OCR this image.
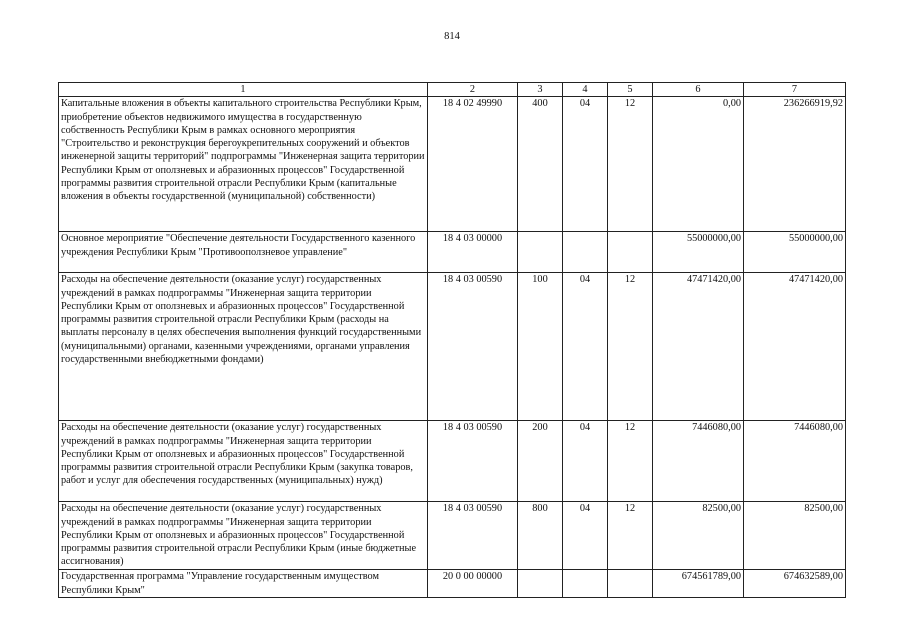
814
1	2	3	4	5	6	7
Капитальные вложения в объекты капитального строительства Республики Крым, приобретение объектов недвижимого имущества в государственную собственность Республики Крым в рамках основного мероприятия "Строительство и реконструкция берегоукрепительных сооружений и объектов инженерной защиты территорий" подпрограммы "Инженерная защита территории Республики Крым от оползневых и абразионных процессов" Государственной программы развития строительной отрасли Республики Крым (капитальные вложения в объекты государственной (муниципальной) собственности)	18 4 02 49990	400	04	12	0,00	236266919,92
Основное мероприятие "Обеспечение деятельности Государственного казенного учреждения Республики Крым "Противооползневое управление"	18 4 03 00000				55000000,00	55000000,00
Расходы на обеспечение деятельности (оказание услуг) государственных учреждений в рамках подпрограммы "Инженерная защита территории Республики Крым от оползневых и абразионных процессов" Государственной программы развития строительной отрасли Республики Крым (расходы на выплаты персоналу в целях обеспечения выполнения функций государственными (муниципальными) органами, казенными учреждениями, органами управления государственными внебюджетными фондами)	18 4 03 00590	100	04	12	47471420,00	47471420,00
Расходы на обеспечение деятельности (оказание услуг) государственных учреждений в рамках подпрограммы "Инженерная защита территории Республики Крым от оползневых и абразионных процессов" Государственной программы развития строительной отрасли Республики Крым (закупка товаров, работ и услуг для обеспечения государственных (муниципальных) нужд)	18 4 03 00590	200	04	12	7446080,00	7446080,00
Расходы на обеспечение деятельности (оказание услуг) государственных учреждений в рамках подпрограммы "Инженерная защита территории Республики Крым от оползневых и абразионных процессов" Государственной программы развития строительной отрасли Республики Крым (иные бюджетные ассигнования)	18 4 03 00590	800	04	12	82500,00	82500,00
Государственная программа "Управление государственным имуществом Республики Крым"	20 0 00 00000				674561789,00	674632589,00
